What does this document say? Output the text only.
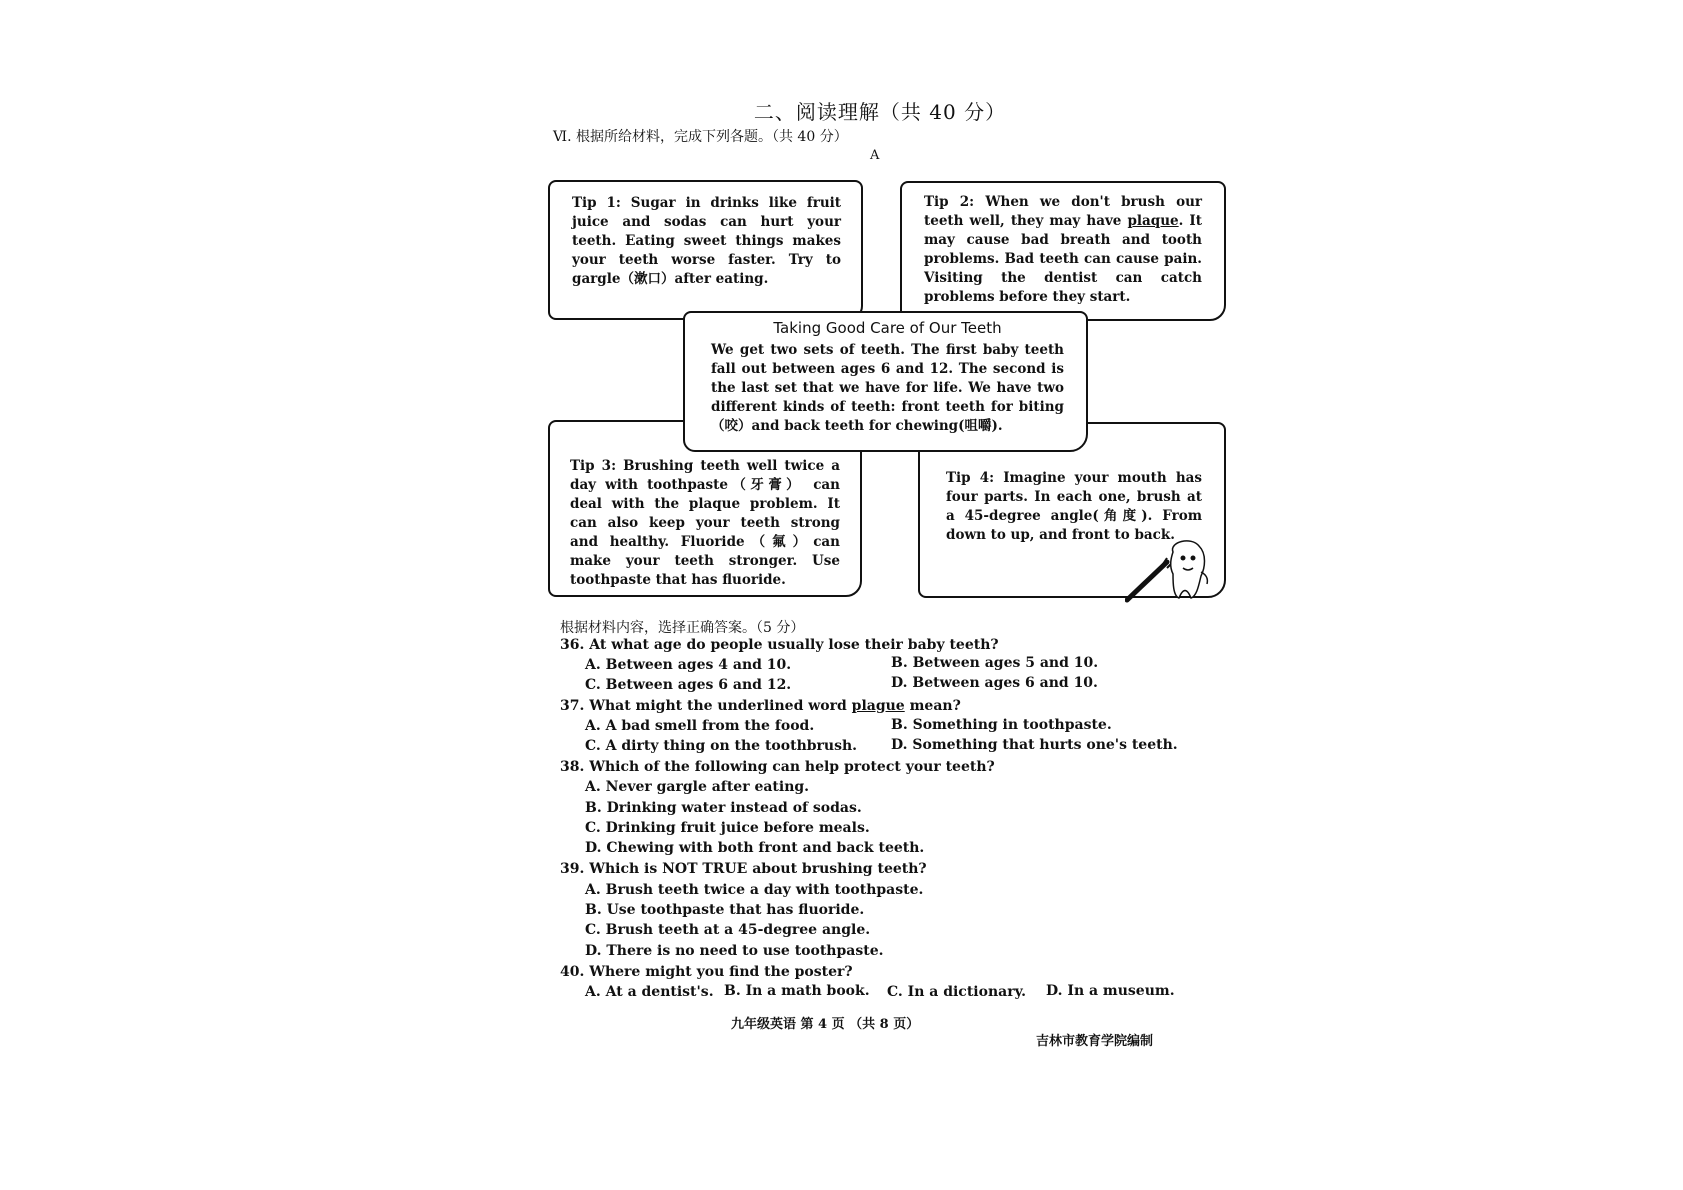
二、阅读理解（共 40 分）
Ⅵ. 根据所给材料，完成下列各题。（共 40 分）
A

Tip 1: Sugar in drinks like fruit juice and sodas can hurt your teeth. Eating sweet things makes your teeth worse faster. Try to gargle（漱口）after eating.

Tip 2: When we don't brush our teeth well, they may have plaque. It may cause bad breath and tooth problems. Bad teeth can cause pain. Visiting the dentist can catch problems before they start.

Taking Good Care of Our Teeth

We get two sets of teeth. The first baby teeth fall out between ages 6 and 12. The second is the last set that we have for life. We have two different kinds of teeth: front teeth for biting（咬）and back teeth for chewing(咀嚼).

Tip 3: Brushing teeth well twice a day with toothpaste（牙膏） can deal with the plaque problem. It can also keep your teeth strong and healthy. Fluoride（氟）can make your teeth stronger. Use toothpaste that has fluoride.

Tip 4: Imagine your mouth has four parts. In each one, brush at a 45-degree angle(角度). From down to up, and front to back.

根据材料内容，选择正确答案。（5 分）
36. At what age do people usually lose their baby teeth?
A. Between ages 4 and 10.	B. Between ages 5 and 10.
C. Between ages 6 and 12.	D. Between ages 6 and 10.
37. What might the underlined word plague mean?
A. A bad smell from the food.	B. Something in toothpaste.
C. A dirty thing on the toothbrush. D. Something that hurts one's teeth.
38. Which of the following can help protect your teeth?
A. Never gargle after eating.
B. Drinking water instead of sodas.
C. Drinking fruit juice before meals.
D. Chewing with both front and back teeth.
39. Which is NOT TRUE about brushing teeth?
A. Brush teeth twice a day with toothpaste.
B. Use toothpaste that has fluoride.
C. Brush teeth at a 45-degree angle.
D. There is no need to use toothpaste.
40. Where might you find the poster?
A. At a dentist's. B. In a math book. C. In a dictionary. D. In a museum.
九年级英语 第 4 页 （共 8 页）
吉林市教育学院编制
